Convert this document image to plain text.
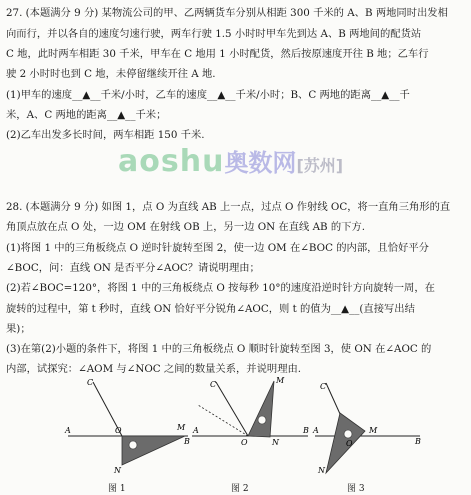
27. (本题满分 9 分) 某物流公司的甲、乙两辆货车分别从相距 300 千米的 A、B 两地同时出发相
向而行，并以各自的速度匀速行驶，两车行驶 1.5 小时时甲车先到达 A、B 两地间的配货站
C 地，此时两车相距 30 千米，甲车在 C 地用 1 小时配货，然后按原速度开往 B 地；乙车行
驶 2 小时时也到 C 地，未停留继续开往 A 地.
(1)甲车的速度__▲__千米/小时，乙车的速度__▲__千米/小时；B、C 两地的距离__▲__千
米，A、C 两地的距离__▲__千米；
(2)乙车出发多长时间，两车相距 150 千米.
aoshu奥数网[苏州]
28. (本题满分 9 分) 如图 1，点 O 为直线 AB 上一点，过点 O 作射线 OC，将一直角三角形的直
角顶点放在点 O 处，一边 OM 在射线 OB 上，另一边 ON 在直线 AB 的下方.
(1)将图 1 中的三角板绕点 O 逆时针旋转至图 2，使一边 OM 在∠BOC 的内部，且恰好平分
∠BOC，问：直线 ON 是否平分∠AOC？请说明理由；
(2)若∠BOC=120°，将图 1 中的三角板绕点 O 按每秒 10°的速度沿逆时针方向旋转一周，在
旋转的过程中，第 t 秒时，直线 ON 恰好平分锐角∠AOC，则 t 的值为__▲__(直接写出结
果)；
(3)在第(2)小题的条件下，将图 1 中的三角板绕点 O 顺时针旋转至图 3，使 ON 在∠AOC 的
内部，试探究：∠AOM 与∠NOC 之间的数量关系，并说明理由.
C
A	O	M
B
N
图 1
C	M
A
O
B
N
图 2
C
M
A
O	B
N
图 3
